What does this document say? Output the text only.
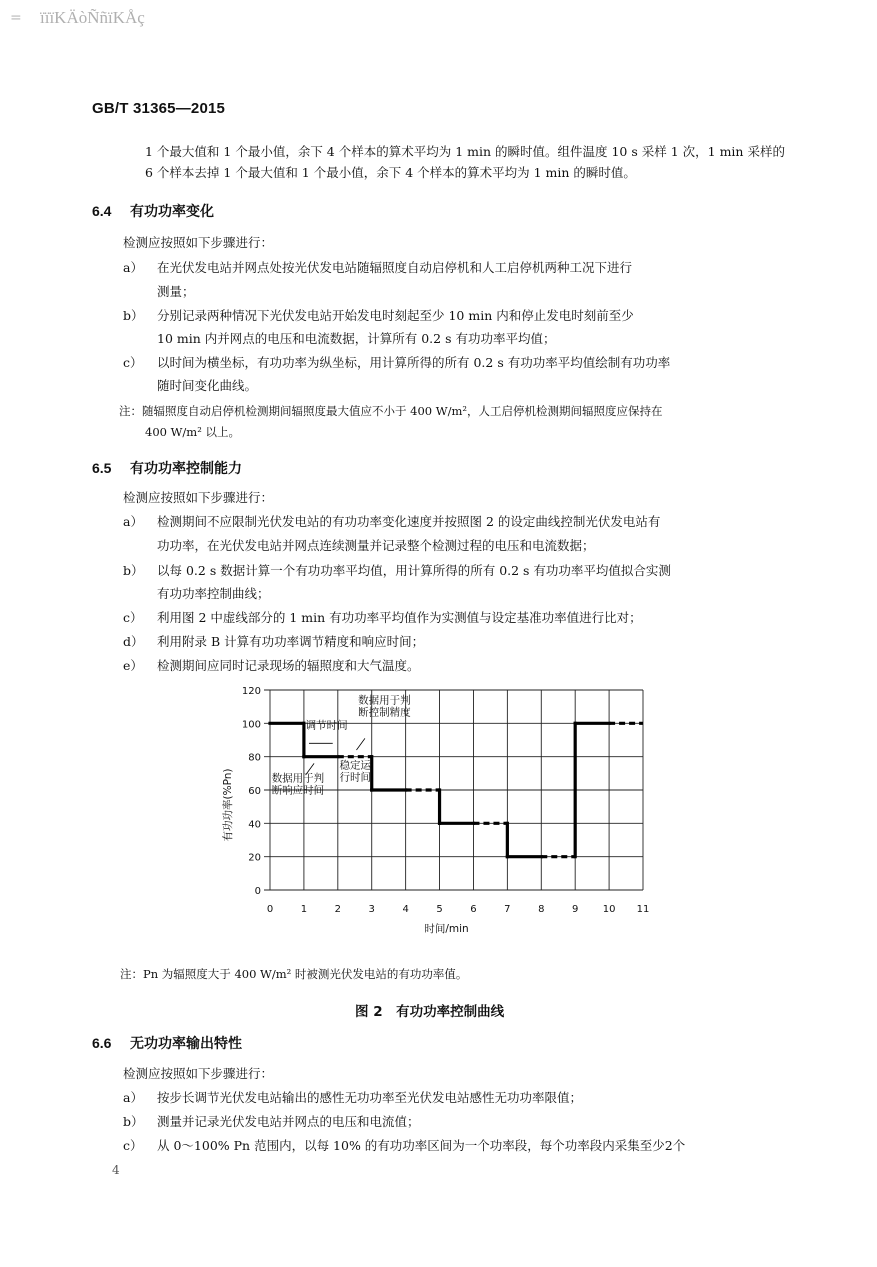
= ïïïKÄòÑñïKÅç
GB/T 31365—2015
1 个最大值和 1 个最小值，余下 4 个样本的算术平均为 1 min 的瞬时值。组件温度 10 s 采样 1 次，1 min 采样的
6 个样本去掉 1 个最大值和 1 个最小值，余下 4 个样本的算术平均为 1 min 的瞬时值。
6.4 有功功率变化
检测应按照如下步骤进行：
a） 在光伏发电站并网点处按光伏发电站随辐照度自动启停机和人工启停机两种工况下进行
测量；
b） 分别记录两种情况下光伏发电站开始发电时刻起至少 10 min 内和停止发电时刻前至少
10 min 内并网点的电压和电流数据，计算所有 0.2 s 有功功率平均值；
c） 以时间为横坐标，有功功率为纵坐标，用计算所得的所有 0.2 s 有功功率平均值绘制有功功率
随时间变化曲线。
注：随辐照度自动启停机检测期间辐照度最大值应不小于 400 W/m²，人工启停机检测期间辐照度应保持在
400 W/m² 以上。
6.5 有功功率控制能力
检测应按照如下步骤进行：
a） 检测期间不应限制光伏发电站的有功功率变化速度并按照图 2 的设定曲线控制光伏发电站有
功功率，在光伏发电站并网点连续测量并记录整个检测过程的电压和电流数据；
b） 以每 0.2 s 数据计算一个有功功率平均值，用计算所得的所有 0.2 s 有功功率平均值拟合实测
有功功率控制曲线；
c） 利用图 2 中虚线部分的 1 min 有功功率平均值作为实测值与设定基准功率值进行比对；
d） 利用附录 B 计算有功功率调节精度和响应时间；
e） 检测期间应同时记录现场的辐照度和大气温度。
0	1	2	3	4	5	6	7	8	9 10 11
0
20
40
60
80
100
120
调节时间
数据用于判断控制精度
数据用于判断响应时间
稳定运行时间
时间/min
有功功率(%Pn)
注：Pn 为辐照度大于 400 W/m² 时被测光伏发电站的有功功率值。
图 2　有功功率控制曲线
6.6 无功功率输出特性
检测应按照如下步骤进行：
a） 按步长调节光伏发电站输出的感性无功功率至光伏发电站感性无功功率限值；
b） 测量并记录光伏发电站并网点的电压和电流值；
c） 从 0～100% Pn 范围内，以每 10% 的有功功率区间为一个功率段，每个功率段内采集至少2个
4
